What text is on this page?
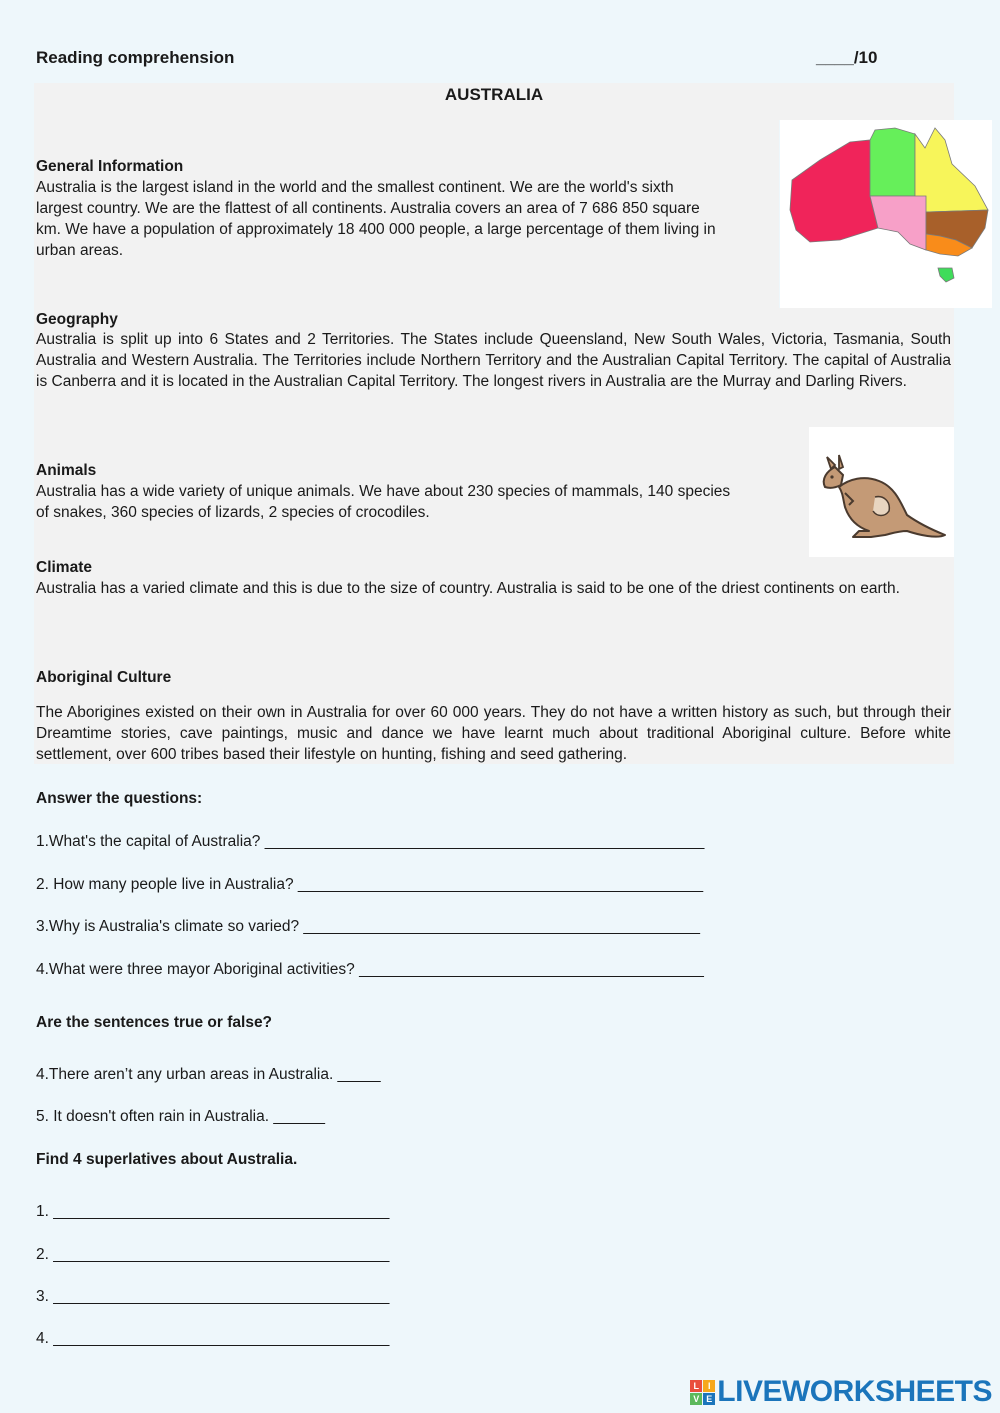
Reading comprehension	____/10
AUSTRALIA
General Information
Australia is the largest island in the world and the smallest continent. We are the world's sixth
largest country. We are the flattest of all continents. Australia covers an area of 7 686 850 square
km. We have a population of approximately 18 400 000 people, a large percentage of them living in
urban areas.
Geography
Australia is split up into 6 States and 2 Territories. The States include Queensland, New South Wales, Victoria, Tasmania, South Australia and Western Australia. The Territories include Northern Territory and the Australian Capital Territory. The capital of Australia is Canberra and it is located in the Australian Capital Territory. The longest rivers in Australia are the Murray and Darling Rivers.
Animals
Australia has a wide variety of unique animals. We have about 230 species of mammals, 140 species
of snakes, 360 species of lizards, 2 species of crocodiles.
Climate
Australia has a varied climate and this is due to the size of country. Australia is said to be one of the driest continents on earth.
Aboriginal Culture
The Aborigines existed on their own in Australia for over 60 000 years. They do not have a written history as such, but through their Dreamtime stories, cave paintings, music and dance we have learnt much about traditional Aboriginal culture. Before white settlement, over 600 tribes based their lifestyle on hunting, fishing and seed gathering.
Answer the questions:
1.What's the capital of Australia? ___________________________________________________
2. How many people live in Australia? _______________________________________________
3.Why is Australia's climate so varied? ______________________________________________
4.What were three mayor Aboriginal activities? ________________________________________
Are the sentences true or false?
4.There aren’t any urban areas in Australia. _____
5. It doesn't often rain in Australia. ______
Find 4 superlatives about Australia.
1. _______________________________________
2. _______________________________________
3. _______________________________________
4. _______________________________________
L I
V E LIVEWORKSHEETS
